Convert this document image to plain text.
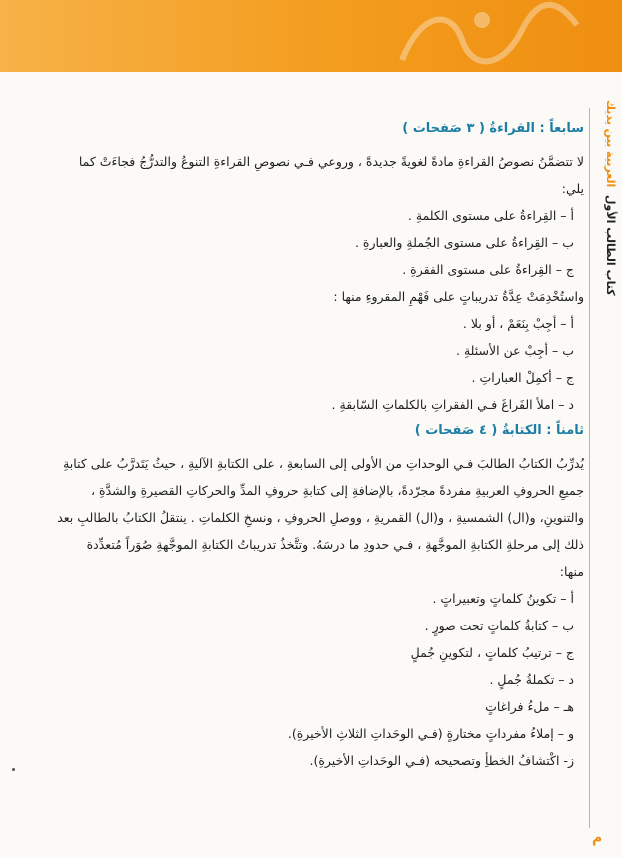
العربية بين يديك
كتاب الطالب الأول
م
سابعاً : القراءةُ ( ٣ صَفحات )

لا تتضمَّنُ نصوصُ القراءةِ مادةً لغويةً جديدةً ، وروعي فـي نصوصِ القراءةِ التنوعُ والتدرُّجُ فجاءَتْ كما

يلي:

أ – القِراءةُ على مستوى الكلمةِ .

ب – القِراءةُ على مستوى الجُملةِ والعبارةِ .

ج – القِراءةُ على مستوى الفقرةِ .

واستُخْدِمَتْ عِدَّةُ تدريباتٍ على فَهْمِ المقروءِ منها :

أ – أجِبْ بِنَعَمْ ، أو بلا .

ب – أجِبْ عن الأسئلةِ .

ج – أكمِلْ العباراتِ .

د – املأ الفَراغَ فـي الفقراتِ بالكلماتِ السّابقةِ .

ثامناً : الكتابةُ ( ٤ صَفحات )

يُدرِّبُ الكتابُ الطالبَ فـي الوحداتِ من الأولى إلى السابعةِ ، على الكتابةِ الآليةِ ، حيثُ يَتَدرَّبُ على كتابةِ

جميعِ الحروفِ العربيةِ مفردةً مجرّدةً، بالإضافةِ إلى كتابةِ حروفِ المدِّ والحركاتِ القصيرةِ والشدَّةِ ،

والتنوينِ، و(ال) الشمسيةِ ، و(ال) القمريةِ ، ووصلِ الحروفِ ، ونسخِ الكلماتِ . ينتقلُ الكتابُ بالطالبِ بعد

ذلك إلى مرحلةِ الكتابةِ الموجَّهةِ ، فـي حدودِ ما درسَهُ. وتتَّخذُ تدريباتُ الكتابةِ الموجَّهةِ صُوَراً مُتعدِّدة

منها:

أ – تكوينُ كلماتٍ وتعبيراتٍ .

ب – كتابةُ كلماتٍ تحت صورٍ .

ج – ترتيبُ كلماتٍ ، لتكوينِ جُملٍ

د – تكملةُ جُملٍ .

هـ – ملءُ فراغاتٍ

و – إملاءُ مفرداتٍ مختارةٍ (فـي الوحَداتِ الثلاثِ الأخيرةِ).

ز- اكْتشافُ الخطأِ وتصحيحه (فـي الوحَداتِ الأخيرةِ).
